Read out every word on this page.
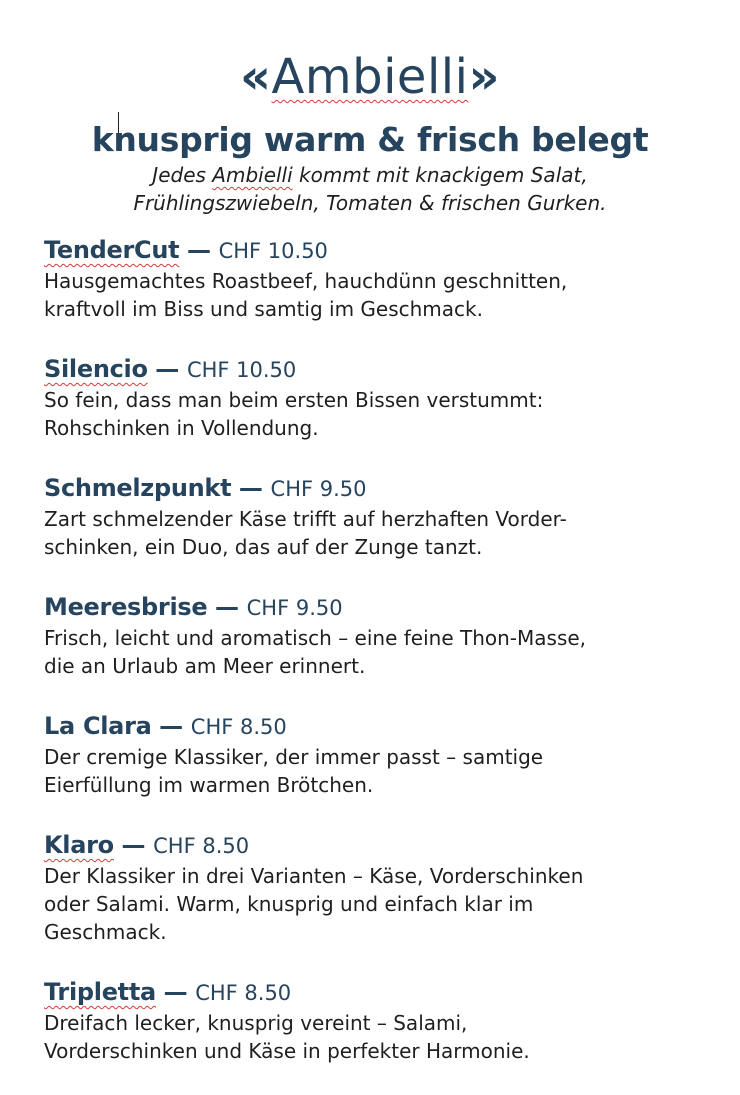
«Ambielli»
knusprig warm & frisch belegt
Jedes Ambielli kommt mit knackigem Salat,
Frühlingszwiebeln, Tomaten & frischen Gurken.
TenderCut — CHF 10.50
Hausgemachtes Roastbeef, hauchdünn geschnitten,
kraftvoll im Biss und samtig im Geschmack.
Silencio — CHF 10.50
So fein, dass man beim ersten Bissen verstummt:
Rohschinken in Vollendung.
Schmelzpunkt — CHF 9.50
Zart schmelzender Käse trifft auf herzhaften Vorder-
schinken, ein Duo, das auf der Zunge tanzt.
Meeresbrise — CHF 9.50
Frisch, leicht und aromatisch – eine feine Thon-Masse,
die an Urlaub am Meer erinnert.
La Clara — CHF 8.50
Der cremige Klassiker, der immer passt – samtige
Eierfüllung im warmen Brötchen.
Klaro — CHF 8.50
Der Klassiker in drei Varianten – Käse, Vorderschinken
oder Salami. Warm, knusprig und einfach klar im
Geschmack.
Tripletta — CHF 8.50
Dreifach lecker, knusprig vereint – Salami,
Vorderschinken und Käse in perfekter Harmonie.
